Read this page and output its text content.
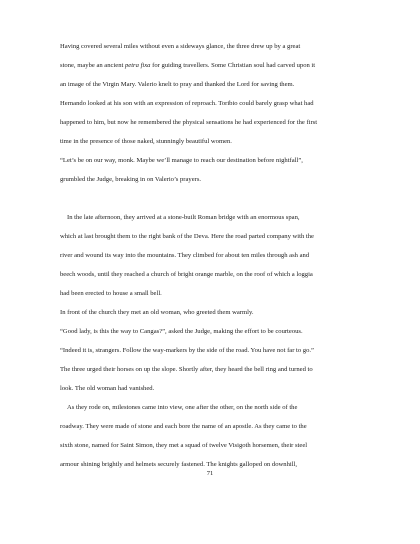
Having covered several miles without even a sideways glance, the three drew up by a great
stone, maybe an ancient petra fixa for guiding travellers. Some Christian soul had carved upon it
an image of the Virgin Mary. Valerio knelt to pray and thanked the Lord for saving them.
Hernando looked at his son with an expression of reproach. Toribio could barely grasp what had
happened to him, but now he remembered the physical sensations he had experienced for the first
time in the presence of those naked, stunningly beautiful women.
“Let’s be on our way, monk. Maybe we’ll manage to reach our destination before nightfall”,
grumbled the Judge, breaking in on Valerio’s prayers.
In the late afternoon, they arrived at a stone-built Roman bridge with an enormous span,
which at last brought them to the right bank of the Deva. Here the road parted company with the
river and wound its way into the mountains. They climbed for about ten miles through ash and
beech woods, until they reached a church of bright orange marble, on the roof of which a loggia
had been erected to house a small bell.
In front of the church they met an old woman, who greeted them warmly.
“Good lady, is this the way to Cangas?”, asked the Judge, making the effort to be courteous.
“Indeed it is, strangers. Follow the way-markers by the side of the road. You have not far to go.”
The three urged their horses on up the slope. Shortly after, they heard the bell ring and turned to
look. The old woman had vanished.
As they rode on, milestones came into view, one after the other, on the north side of the
roadway. They were made of stone and each bore the name of an apostle. As they came to the
sixth stone, named for Saint Simon, they met a squad of twelve Visigoth horsemen, their steel
armour shining brightly and helmets securely fastened. The knights galloped on downhill,
71
